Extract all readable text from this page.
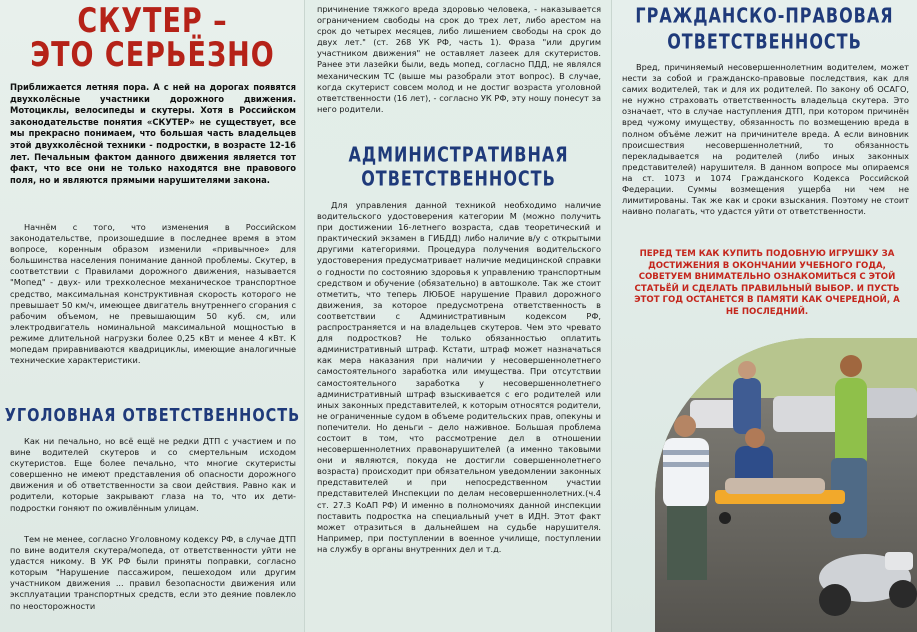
СКУТЕР –
ЭТО СЕРЬЁЗНО
Приближается летняя пора. А с ней на дорогах появятся двухколёсные участники дорожного движения. Мотоциклы, велосипеды и скутеры. Хотя в Российском законодательстве понятия «СКУТЕР» не существует, все мы прекрасно понимаем, что большая часть владельцев этой двухколёсной техники - подростки, в возрасте 12-16 лет. Печальным фактом данного движения является тот факт, что все они не только находятся вне правового поля, но и являются прямыми нарушителями закона.
Начнём с того, что изменения в Российском законодательстве, произошедшие в последнее время в этом вопросе, коренным образом изменили «привычное» для большинства населения понимание данной проблемы. Скутер, в соответствии с Правилами дорожного движения, называется "Мопед" - двух- или трехколесное механическое транспортное средство, максимальная конструктивная скорость которого не превышает 50 км/ч, имеющее двигатель внутреннего сгорания с рабочим объемом, не превышающим 50 куб. см, или электродвигатель номинальной максимальной мощностью в режиме длительной нагрузки более 0,25 кВт и менее 4 кВт. К мопедам приравниваются квадрициклы, имеющие аналогичные технические характеристики.
УГОЛОВНАЯ ОТВЕТСТВЕННОСТЬ
Как ни печально, но всё ещё не редки ДТП с участием и по вине водителей скутеров и со смертельным исходом скутеристов. Еще более печально, что многие скутеристы совершенно не имеют представления об опасности дорожного движения и об ответственности за свои действия. Равно как и родители, которые закрывают глаза на то, что их дети-подростки гоняют по оживлённым улицам.
Тем не менее, согласно Уголовному кодексу РФ, в случае ДТП по вине водителя скутера/мопеда, от ответственности уйти не удастся никому. В УК РФ были приняты поправки, согласно которым "Нарушение пассажиром, пешеходом или другим участником движения ... правил безопасности движения или эксплуатации транспортных средств, если это деяние повлекло по неосторожности
причинение тяжкого вреда здоровью человека, - наказывается ограничением свободы на срок до трех лет, либо арестом на срок до четырех месяцев, либо лишением свободы на срок до двух лет." (ст. 268 УК РФ, часть 1). Фраза "или другим участником движения" не оставляет лазеек для скутеристов. Ранее эти лазейки были, ведь мопед, согласно ПДД, не являлся механическим ТС (выше мы разобрали этот вопрос). В случае, когда скутерист совсем молод и не достиг возраста уголовной ответственности (16 лет), - согласно УК РФ, эту ношу понесут за него родители.
АДМИНИСТРАТИВНАЯ
ОТВЕТСТВЕННОСТЬ
Для управления данной техникой необходимо наличие водительского удостоверения категории М (можно получить при достижении 16-летнего возраста, сдав теоретический и практический экзамен в ГИБДД) либо наличие в/у с открытыми другими категориями. Процедура получения водительского удостоверения предусматривает наличие медицинской справки о годности по состоянию здоровья к управлению транспортным средством и обучение (обязательно) в автошколе. Так же стоит отметить, что теперь ЛЮБОЕ нарушение Правил дорожного движения, за которое предусмотрена ответственность в соответствии с Административным кодексом РФ, распространяется и на владельцев скутеров. Чем это чревато для подростков? Не только обязанностью оплатить административный штраф. Кстати, штраф может назначаться как мера наказания при наличии у несовершеннолетнего самостоятельного заработка или имущества. При отсутствии самостоятельного заработка у несовершеннолетнего административный штраф взыскивается с его родителей или иных законных представителей, к которым относятся родители, не ограниченные судом в объеме родительских прав, опекуны и попечители. Но деньги – дело наживное. Большая проблема состоит в том, что рассмотрение дел в отношении несовершеннолетних правонарушителей (а именно таковыми они и являются, покуда не достигли совершеннолетнего возраста) происходит при обязательном уведомлении законных представителей и при непосредственном участии представителей Инспекции по делам несовершеннолетних.(ч.4 ст. 27.3 КоАП РФ) И именно в полномочиях данной инспекции поставить подростка на специальный учет в ИДН. Этот факт может отразиться в дальнейшем на судьбе нарушителя. Например, при поступлении в военное училище, поступлении на службу в органы внутренних дел и т.д.
ГРАЖДАНСКО-ПРАВОВАЯ
ОТВЕТСТВЕННОСТЬ
Вред, причиняемый несовершеннолетним водителем, может нести за собой и гражданско-правовые последствия, как для самих водителей, так и для их родителей. По закону об ОСАГО, не нужно страховать ответственность владельца скутера. Это означает, что в случае наступления ДТП, при котором причинён вред чужому имуществу, обязанность по возмещению вреда в полном объёме лежит на причинителе вреда. А если виновник происшествия несовершеннолетний, то обязанность перекладывается на родителей (либо иных законных представителей) нарушителя. В данном вопросе мы опираемся на ст. 1073 и 1074 Гражданского Кодекса Российской Федерации. Суммы возмещения ущерба ни чем не лимитированы. Так же как и сроки взыскания. Поэтому не стоит наивно полагать, что удастся уйти от ответственности.
ПЕРЕД ТЕМ КАК КУПИТЬ ПОДОБНУЮ ИГРУШКУ ЗА ДОСТИЖЕНИЯ В ОКОНЧАНИИ УЧЕБНОГО ГОДА, СОВЕТУЕМ ВНИМАТЕЛЬНО ОЗНАКОМИТЬСЯ С ЭТОЙ СТАТЬЁЙ И СДЕЛАТЬ ПРАВИЛЬНЫЙ ВЫБОР. И ПУСТЬ ЭТОТ ГОД ОСТАНЕТСЯ В ПАМЯТИ КАК ОЧЕРЕДНОЙ, А НЕ ПОСЛЕДНИЙ.
